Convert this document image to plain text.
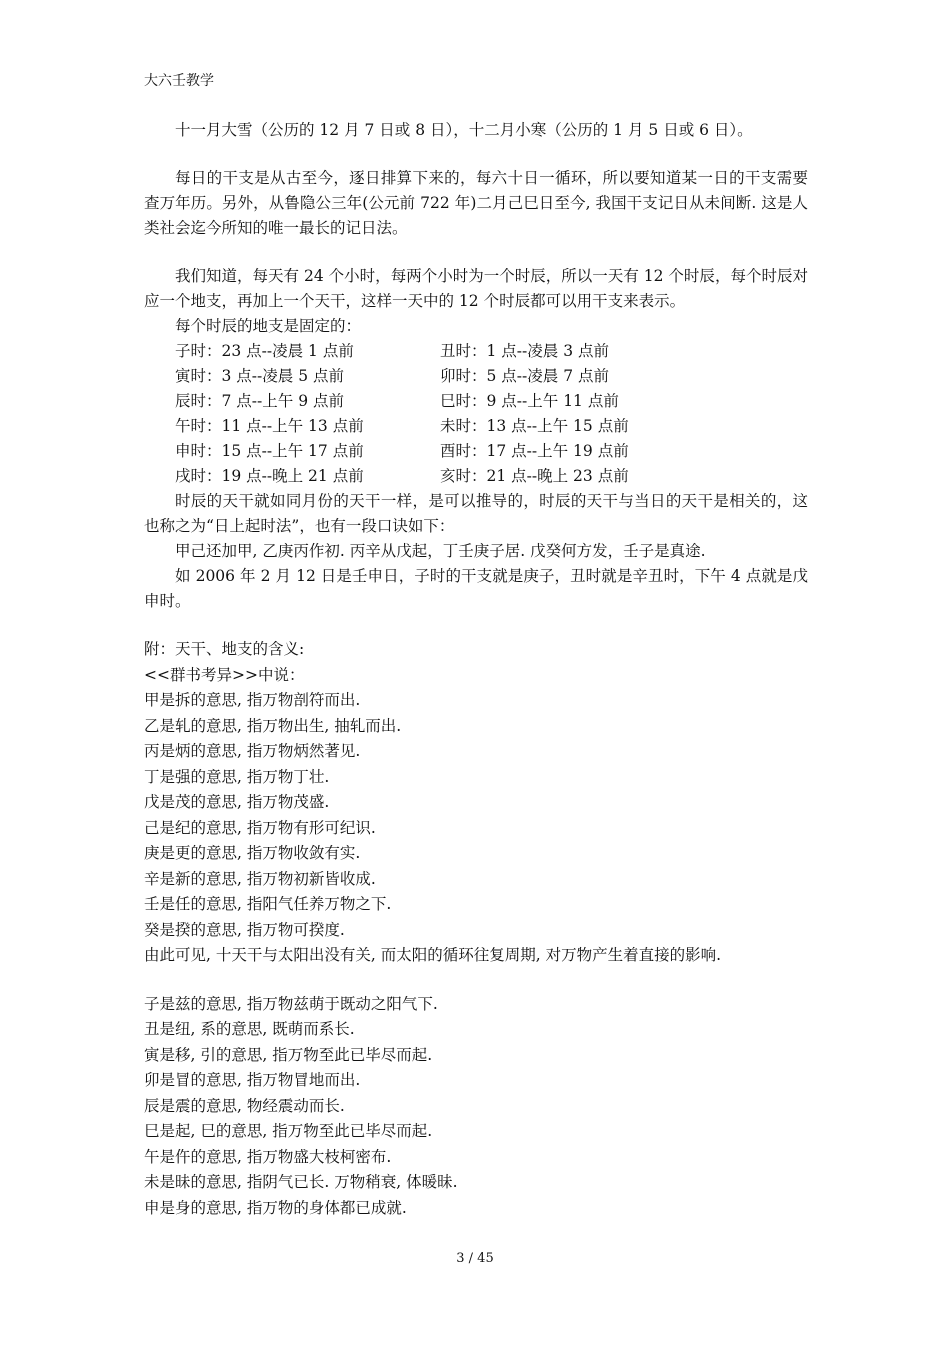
大六壬教学

十一月大雪（公历的 12 月 7 日或 8 日），十二月小寒（公历的 1 月 5 日或 6 日）。

每日的干支是从古至今，逐日排算下来的，每六十日一循环，所以要知道某一日的干支需要查万年历。另外，从鲁隐公三年(公元前 722 年)二月己巳日至今, 我国干支记日从未间断. 这是人类社会迄今所知的唯一最长的记日法。

我们知道，每天有 24 个小时，每两个小时为一个时辰，所以一天有 12 个时辰，每个时辰对应一个地支，再加上一个天干，这样一天中的 12 个时辰都可以用干支来表示。

每个时辰的地支是固定的：

子时：23 点--凌晨 1 点前	丑时：1 点--凌晨 3 点前
寅时：3 点--凌晨 5 点前	卯时：5 点--凌晨 7 点前
辰时：7 点--上午 9 点前	巳时：9 点--上午 11 点前
午时：11 点--上午 13 点前	未时：13 点--上午 15 点前
申时：15 点--上午 17 点前	酉时：17 点--上午 19 点前
戌时：19 点--晚上 21 点前	亥时：21 点--晚上 23 点前

时辰的天干就如同月份的天干一样，是可以推导的，时辰的天干与当日的天干是相关的，这也称之为“日上起时法”，也有一段口诀如下：

甲己还加甲, 乙庚丙作初. 丙辛从戊起，丁壬庚子居. 戊癸何方发，壬子是真途.

如 2006 年 2 月 12 日是壬申日，子时的干支就是庚子，丑时就是辛丑时，下午 4 点就是戊申时。

附：天干、地支的含义:

<<群书考异>>中说：

甲是拆的意思, 指万物剖符而出.

乙是轧的意思, 指万物出生, 抽轧而出.

丙是炳的意思, 指万物炳然著见.

丁是强的意思, 指万物丁壮.

戊是茂的意思, 指万物茂盛.

己是纪的意思, 指万物有形可纪识.

庚是更的意思, 指万物收敛有实.

辛是新的意思, 指万物初新皆收成.

壬是任的意思, 指阳气任养万物之下.

癸是揆的意思, 指万物可揆度.

由此可见, 十天干与太阳出没有关, 而太阳的循环往复周期, 对万物产生着直接的影响.

子是兹的意思, 指万物兹萌于既动之阳气下.

丑是纽, 系的意思, 既萌而系长.

寅是移, 引的意思, 指万物至此已毕尽而起.

卯是冒的意思, 指万物冒地而出.

辰是震的意思, 物经震动而长.

巳是起, 巳的意思, 指万物至此已毕尽而起.

午是仵的意思, 指万物盛大枝柯密布.

未是昧的意思, 指阴气已长. 万物稍衰, 体暖昧.

申是身的意思, 指万物的身体都已成就.

3 / 45
